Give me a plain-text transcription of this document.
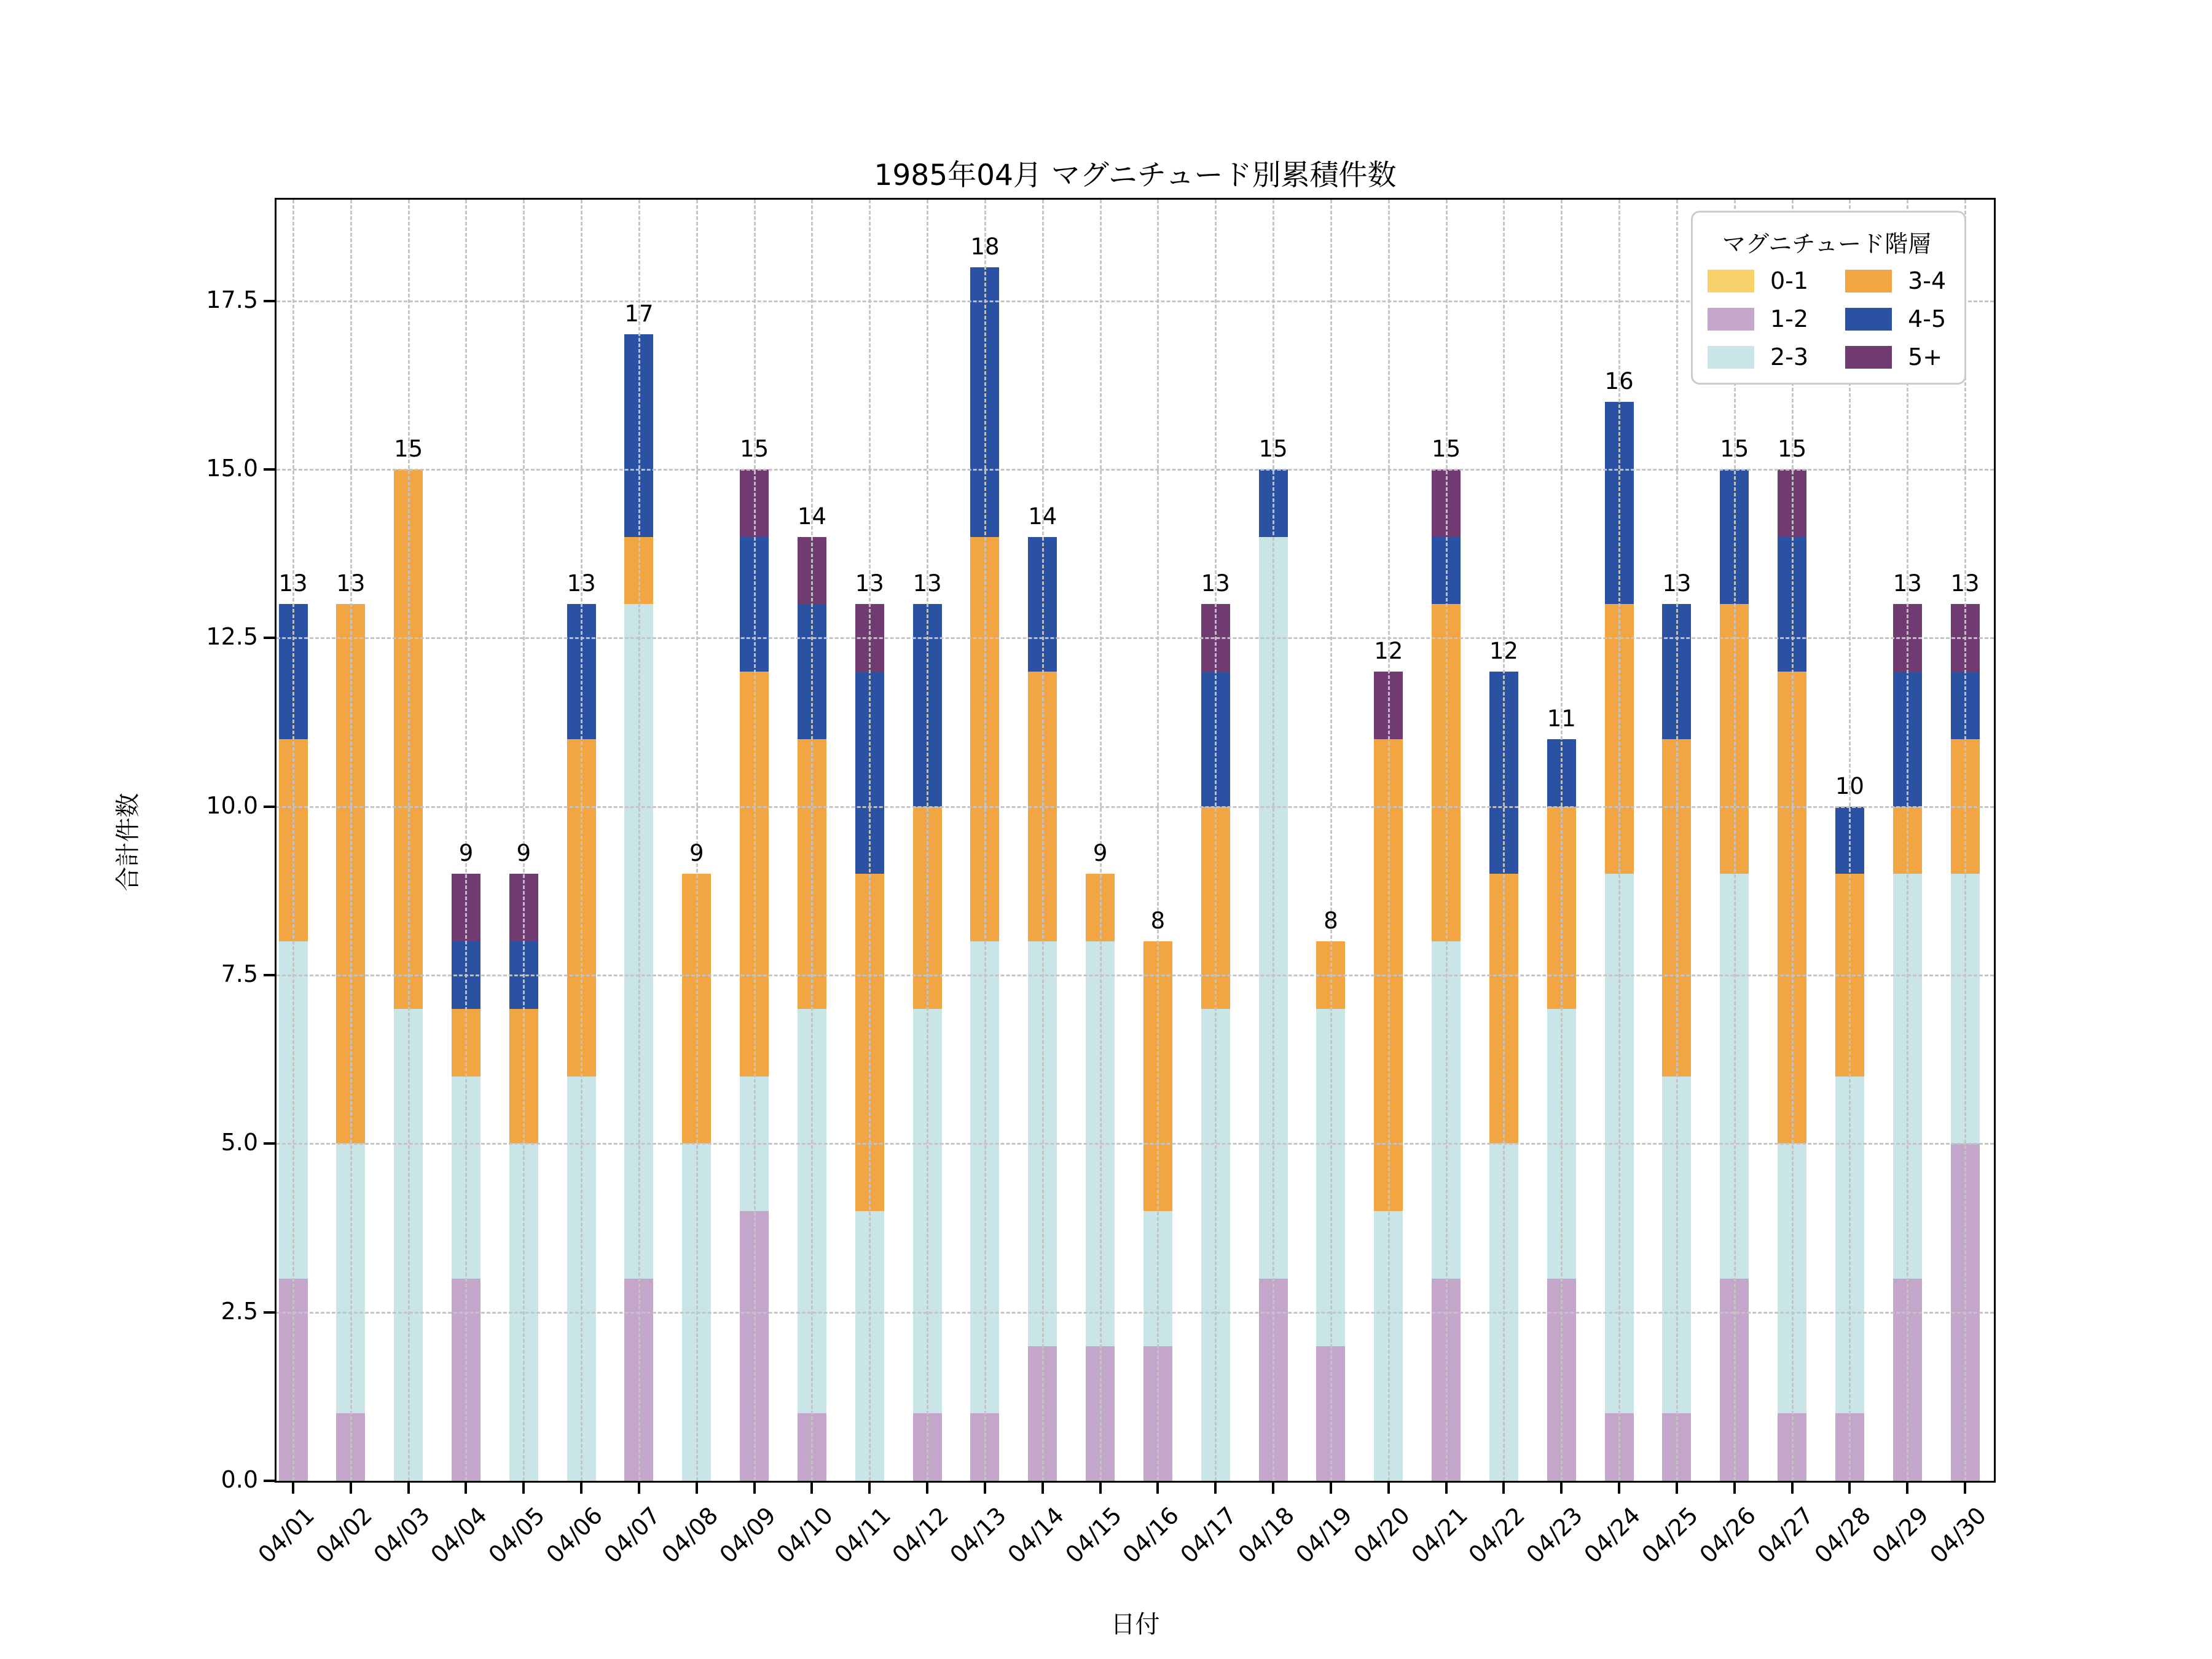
1985年04月 マグニチュード別累積件数
日付
合計件数
マグニチュード階層
0-1
1-2
2-3
3-4
4-5
5+
13	13
15
9	9
13
17
9
15
14
13	13
18
14
9
8
13
15
8
12
15
12
11
16
13
15	15
10
13	13
0.0
2.5
5.0
7.5
10.0
12.5
15.0
17.5
04/01
04/02
04/03
04/04
04/05
04/06
04/07
04/08
04/09
04/10
04/11
04/12
04/13
04/14
04/15
04/16
04/17
04/18
04/19
04/20
04/21
04/22
04/23
04/24
04/25
04/26
04/27
04/28
04/29
04/30
